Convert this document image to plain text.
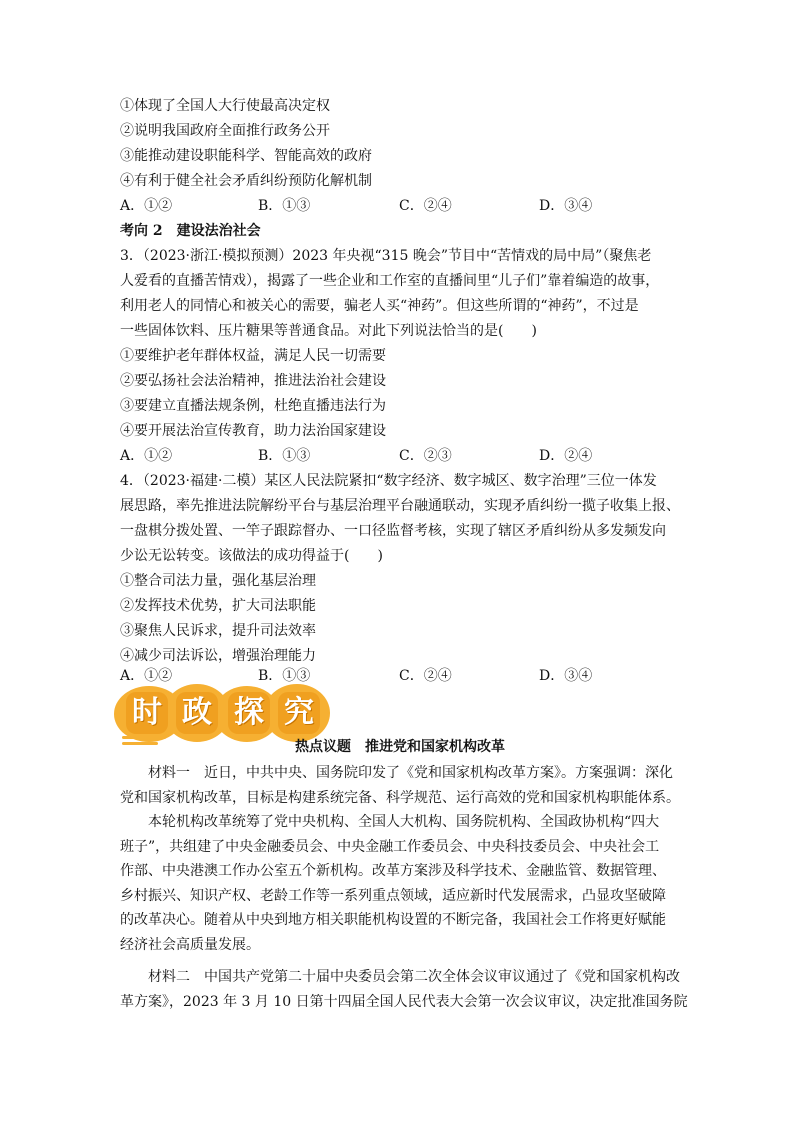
①体现了全国人大行使最高决定权
②说明我国政府全面推行政务公开
③能推动建设职能科学、智能高效的政府
④有利于健全社会矛盾纠纷预防化解机制
A．①②	B．①③	C．②④	D．③④
考向 2　建设法治社会
3．（2023·浙江·模拟预测）2023 年央视“315 晚会”节目中“苦情戏的局中局”（聚焦老
人爱看的直播苦情戏），揭露了一些企业和工作室的直播间里“儿子们”靠着编造的故事，
利用老人的同情心和被关心的需要，骗老人买“神药”。但这些所谓的“神药”，不过是
一些固体饮料、压片糖果等普通食品。对此下列说法恰当的是(　　)
①要维护老年群体权益，满足人民一切需要
②要弘扬社会法治精神，推进法治社会建设
③要建立直播法规条例，杜绝直播违法行为
④要开展法治宣传教育，助力法治国家建设
A．①②	B．①③	C．②③	D．②④
4．（2023·福建·二模）某区人民法院紧扣“数字经济、数字城区、数字治理”三位一体发
展思路，率先推进法院解纷平台与基层治理平台融通联动，实现矛盾纠纷一揽子收集上报、
一盘棋分拨处置、一竿子跟踪督办、一口径监督考核，实现了辖区矛盾纠纷从多发频发向
少讼无讼转变。该做法的成功得益于(　　)
①整合司法力量，强化基层治理
②发挥技术优势，扩大司法职能
③聚焦人民诉求，提升司法效率
④减少司法诉讼，增强治理能力
A．①②	B．①③	C．②④	D．③④
时 政 探 究
热点议题　推进党和国家机构改革
　　材料一　近日，中共中央、国务院印发了《党和国家机构改革方案》。方案强调：深化
党和国家机构改革，目标是构建系统完备、科学规范、运行高效的党和国家机构职能体系。
　　本轮机构改革统筹了党中央机构、全国人大机构、国务院机构、全国政协机构“四大
班子”，共组建了中央金融委员会、中央金融工作委员会、中央科技委员会、中央社会工
作部、中央港澳工作办公室五个新机构。改革方案涉及科学技术、金融监管、数据管理、
乡村振兴、知识产权、老龄工作等一系列重点领域，适应新时代发展需求，凸显攻坚破障
的改革决心。随着从中央到地方相关职能机构设置的不断完备，我国社会工作将更好赋能
经济社会高质量发展。
　　材料二　中国共产党第二十届中央委员会第二次全体会议审议通过了《党和国家机构改
革方案》，2023 年 3 月 10 日第十四届全国人民代表大会第一次会议审议，决定批准国务院
